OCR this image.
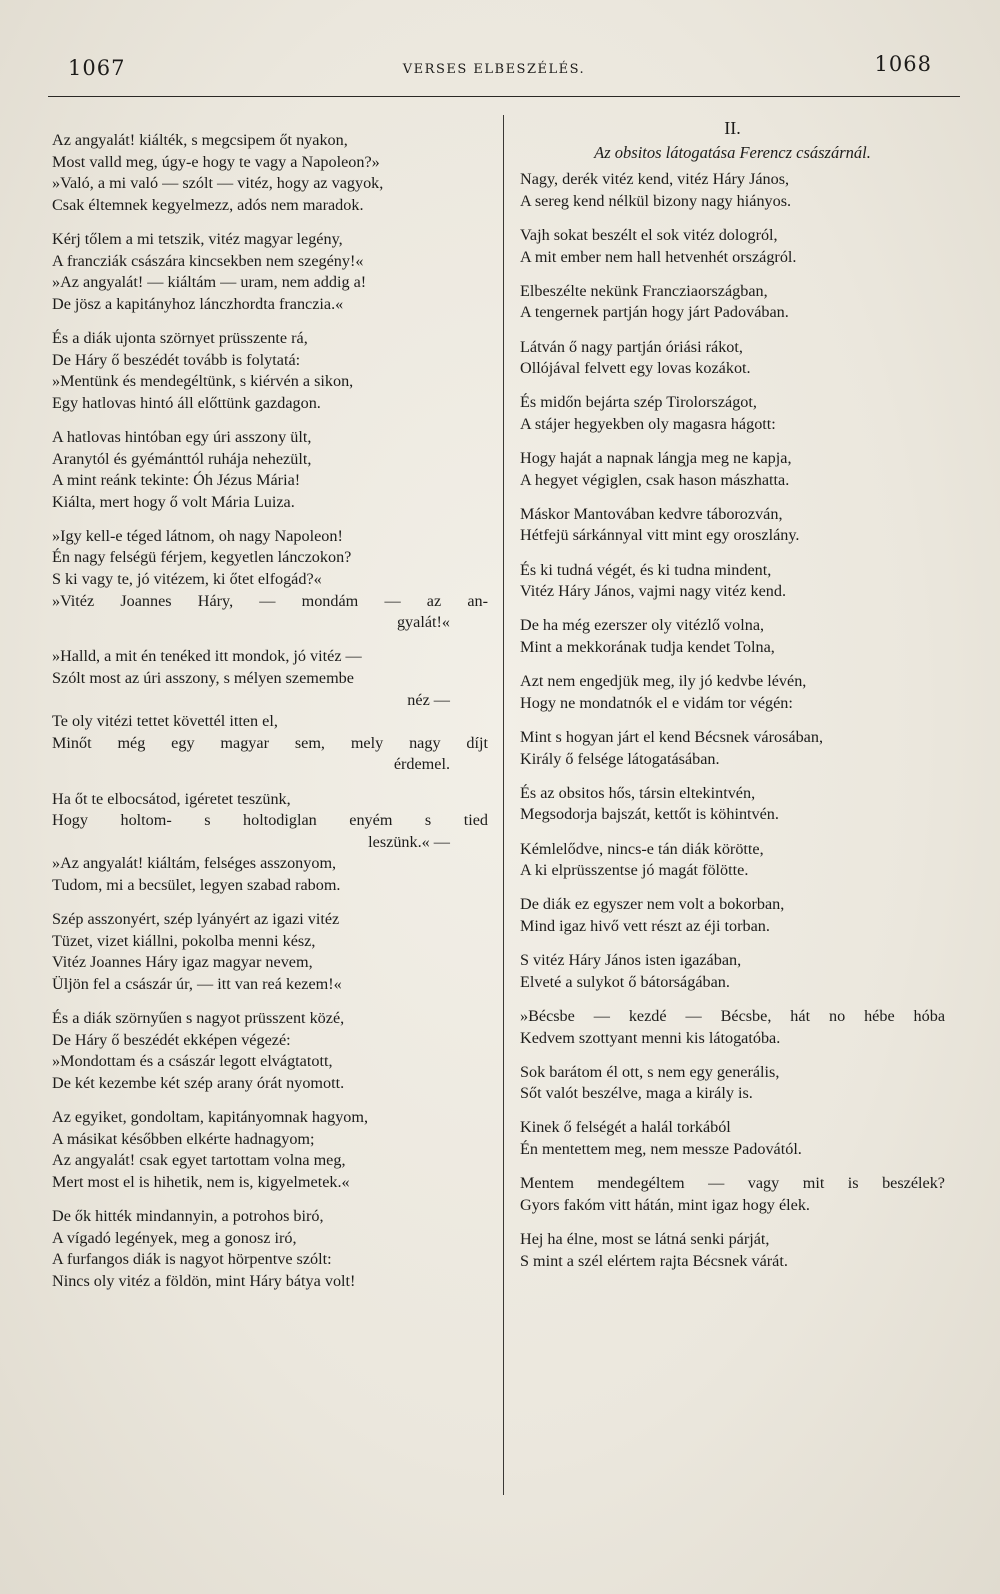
1067	VERSES ELBESZÉLÉS.	1068
Az angyalát! kiálték, s megcsipem őt nyakon,
Most valld meg, úgy-e hogy te vagy a Napoleon?»
»Való, a mi való — szólt — vitéz, hogy az vagyok,
Csak éltemnek kegyelmezz, adós nem maradok.
Kérj tőlem a mi tetszik, vitéz magyar legény,
A francziák császára kincsekben nem szegény!«
»Az angyalát! — kiáltám — uram, nem addig a!
De jösz a kapitányhoz lánczhordta franczia.«
És a diák ujonta szörnyet prüsszente rá,
De Háry ő beszédét tovább is folytatá:
»Mentünk és mendegéltünk, s kiérvén a sikon,
Egy hatlovas hintó áll előttünk gazdagon.
A hatlovas hintóban egy úri asszony ült,
Aranytól és gyémánttól ruhája nehezült,
A mint reánk tekinte: Óh Jézus Mária!
Kiálta, mert hogy ő volt Mária Luiza.
»Igy kell-e téged látnom, oh nagy Napoleon!
Én nagy felségü férjem, kegyetlen lánczokon?
S ki vagy te, jó vitézem, ki őtet elfogád?«
»Vitéz Joannes Háry, — mondám — az an-
gyalát!«
»Halld, a mit én tenéked itt mondok, jó vitéz —
Szólt most az úri asszony, s mélyen szemembe
néz —
Te oly vitézi tettet követtél itten el,
Minőt még egy magyar sem, mely nagy díjt
érdemel.
Ha őt te elbocsátod, igéretet teszünk,
Hogy holtom- s holtodiglan enyém s tied
leszünk.« —
»Az angyalát! kiáltám, felséges asszonyom,
Tudom, mi a becsület, legyen szabad rabom.
Szép asszonyért, szép lyányért az igazi vitéz
Tüzet, vizet kiállni, pokolba menni kész,
Vitéz Joannes Háry igaz magyar nevem,
Üljön fel a császár úr, — itt van reá kezem!«
És a diák szörnyűen s nagyot prüsszent közé,
De Háry ő beszédét ekképen végezé:
»Mondottam és a császár legott elvágtatott,
De két kezembe két szép arany órát nyomott.
Az egyiket, gondoltam, kapitányomnak hagyom,
A másikat későbben elkérte hadnagyom;
Az angyalát! csak egyet tartottam volna meg,
Mert most el is hihetik, nem is, kigyelmetek.«
De ők hitték mindannyin, a potrohos biró,
A vígadó legények, meg a gonosz iró,
A furfangos diák is nagyot hörpentve szólt:
Nincs oly vitéz a földön, mint Háry bátya volt!
II.
Az obsitos látogatása Ferencz császárnál.
Nagy, derék vitéz kend, vitéz Háry János,
A sereg kend nélkül bizony nagy hiányos.
Vajh sokat beszélt el sok vitéz dologról,
A mit ember nem hall hetvenhét országról.
Elbeszélte nekünk Francziaországban,
A tengernek partján hogy járt Padovában.
Látván ő nagy partján óriási rákot,
Ollójával felvett egy lovas kozákot.
És midőn bejárta szép Tirolországot,
A stájer hegyekben oly magasra hágott:
Hogy haját a napnak lángja meg ne kapja,
A hegyet végiglen, csak hason mászhatta.
Máskor Mantovában kedvre táborozván,
Hétfejü sárkánnyal vitt mint egy oroszlány.
És ki tudná végét, és ki tudna mindent,
Vitéz Háry János, vajmi nagy vitéz kend.
De ha még ezerszer oly vitézlő volna,
Mint a mekkorának tudja kendet Tolna,
Azt nem engedjük meg, ily jó kedvbe lévén,
Hogy ne mondatnók el e vidám tor végén:
Mint s hogyan járt el kend Bécsnek városában,
Király ő felsége látogatásában.
És az obsitos hős, társin eltekintvén,
Megsodorja bajszát, kettőt is köhintvén.
Kémlelődve, nincs-e tán diák körötte,
A ki elprüsszentse jó magát fölötte.
De diák ez egyszer nem volt a bokorban,
Mind igaz hivő vett részt az éji torban.
S vitéz Háry János isten igazában,
Elveté a sulykot ő bátorságában.
»Bécsbe — kezdé — Bécsbe, hát no hébe hóba
Kedvem szottyant menni kis látogatóba.
Sok barátom él ott, s nem egy generális,
Sőt valót beszélve, maga a király is.
Kinek ő felségét a halál torkából
Én mentettem meg, nem messze Padovától.
Mentem mendegéltem — vagy mit is beszélek?
Gyors fakóm vitt hátán, mint igaz hogy élek.
Hej ha élne, most se látná senki párját,
S mint a szél elértem rajta Bécsnek várát.
